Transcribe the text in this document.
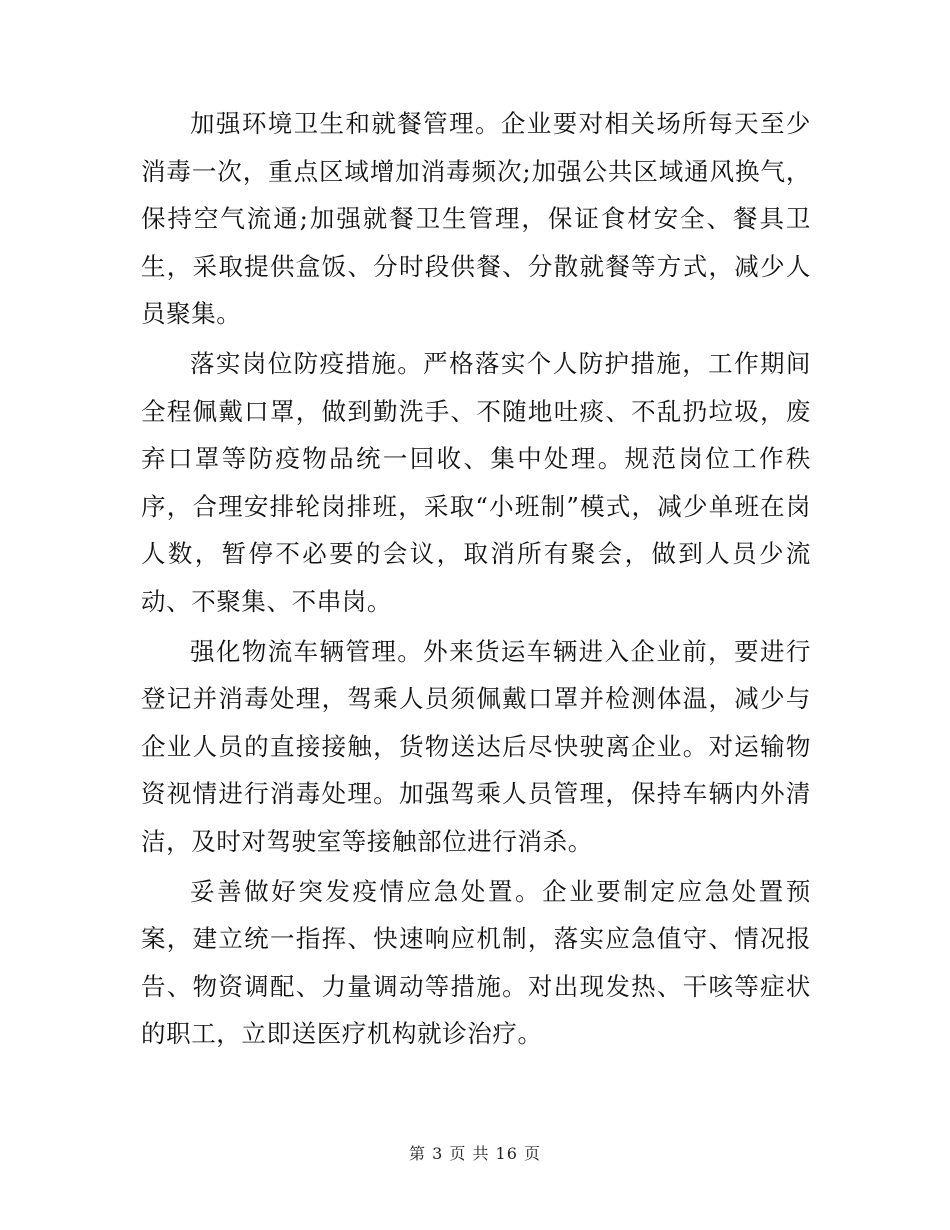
加强环境卫生和就餐管理。企业要对相关场所每天至少消毒一次，重点区域增加消毒频次;加强公共区域通风换气，保持空气流通;加强就餐卫生管理，保证食材安全、餐具卫生，采取提供盒饭、分时段供餐、分散就餐等方式，减少人员聚集。

落实岗位防疫措施。严格落实个人防护措施，工作期间全程佩戴口罩，做到勤洗手、不随地吐痰、不乱扔垃圾，废弃口罩等防疫物品统一回收、集中处理。规范岗位工作秩序，合理安排轮岗排班，采取“小班制”模式，减少单班在岗人数，暂停不必要的会议，取消所有聚会，做到人员少流动、不聚集、不串岗。

强化物流车辆管理。外来货运车辆进入企业前，要进行登记并消毒处理，驾乘人员须佩戴口罩并检测体温，减少与企业人员的直接接触，货物送达后尽快驶离企业。对运输物资视情进行消毒处理。加强驾乘人员管理，保持车辆内外清洁，及时对驾驶室等接触部位进行消杀。

妥善做好突发疫情应急处置。企业要制定应急处置预案，建立统一指挥、快速响应机制，落实应急值守、情况报告、物资调配、力量调动等措施。对出现发热、干咳等症状的职工，立即送医疗机构就诊治疗。

第 3 页 共 16 页
